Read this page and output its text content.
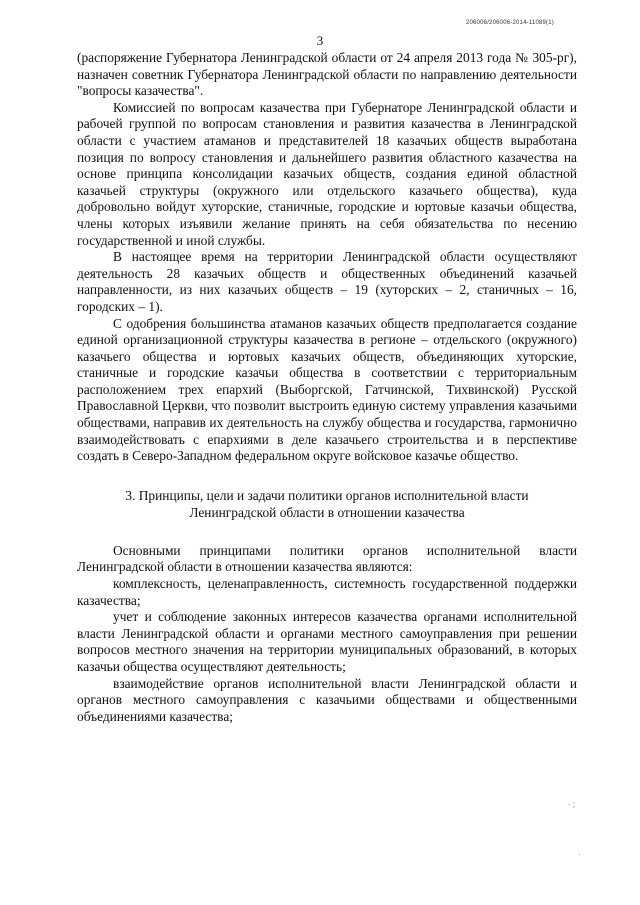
206006/206006-2014-11089(1)
3

(распоряжение Губернатора Ленинградской области от 24 апреля 2013 года № 305-рг), назначен советник Губернатора Ленинградской области по направлению деятельности "вопросы казачества".

Комиссией по вопросам казачества при Губернаторе Ленинградской области и рабочей группой по вопросам становления и развития казачества в Ленинградской области с участием атаманов и представителей 18 казачьих обществ выработана позиция по вопросу становления и дальнейшего развития областного казачества на основе принципа консолидации казачьих обществ, создания единой областной казачьей структуры (окружного или отдельского казачьего общества), куда добровольно войдут хуторские, станичные, городские и юртовые казачьи общества, члены которых изъявили желание принять на себя обязательства по несению государственной и иной службы.

В настоящее время на территории Ленинградской области осуществляют деятельность 28 казачьих обществ и общественных объединений казачьей направленности, из них казачьих обществ – 19 (хуторских – 2, станичных – 16, городских – 1).

С одобрения большинства атаманов казачьих обществ предполагается создание единой организационной структуры казачества в регионе – отдельского (окружного) казачьего общества и юртовых казачьих обществ, объединяющих хуторские, станичные и городские казачьи общества в соответствии с территориальным расположением трех епархий (Выборгской, Гатчинской, Тихвинской) Русской Православной Церкви, что позволит выстроить единую систему управления казачьими обществами, направив их деятельность на службу общества и государства, гармонично взаимодействовать с епархиями в деле казачьего строительства и в перспективе создать в Северо-Западном федеральном округе войсковое казачье общество.

3. Принципы, цели и задачи политики органов исполнительной власти
Ленинградской области в отношении казачества

Основными принципами политики органов исполнительной власти Ленинградской области в отношении казачества являются:

комплексность, целенаправленность, системность государственной поддержки казачества;

учет и соблюдение законных интересов казачества органами исполнительной власти Ленинградской области и органами местного самоуправления при решении вопросов местного значения на территории муниципальных образований, в которых казачьи общества осуществляют деятельность;

взаимодействие органов исполнительной власти Ленинградской области и органов местного самоуправления с казачьими обществами и общественными объединениями казачества;

· ;
·
